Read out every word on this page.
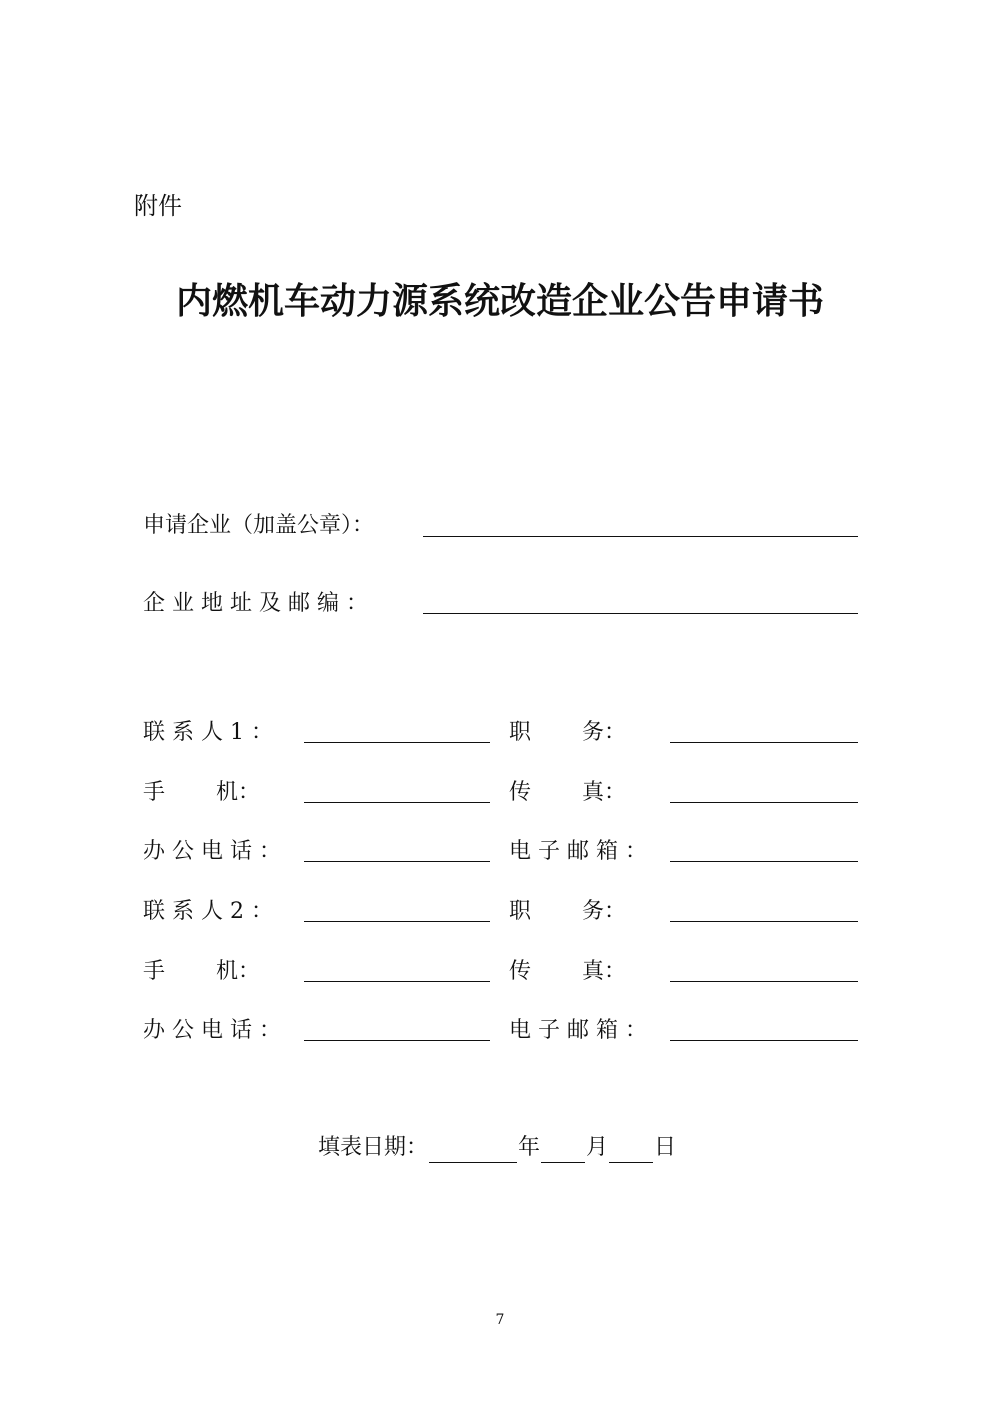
附件
内燃机车动力源系统改造企业公告申请书
申请企业（加盖公章）：
企 业 地 址 及 邮 编 ：
联 系 人 1 ：	职　　 务：
手　　 机：	传　　 真：
办 公 电 话 ：	电 子 邮 箱 ：
联 系 人 2 ：	职　　 务：
手　　 机：	传　　 真：
办 公 电 话 ：	电 子 邮 箱 ：
填表日期：	年 月 日
7
